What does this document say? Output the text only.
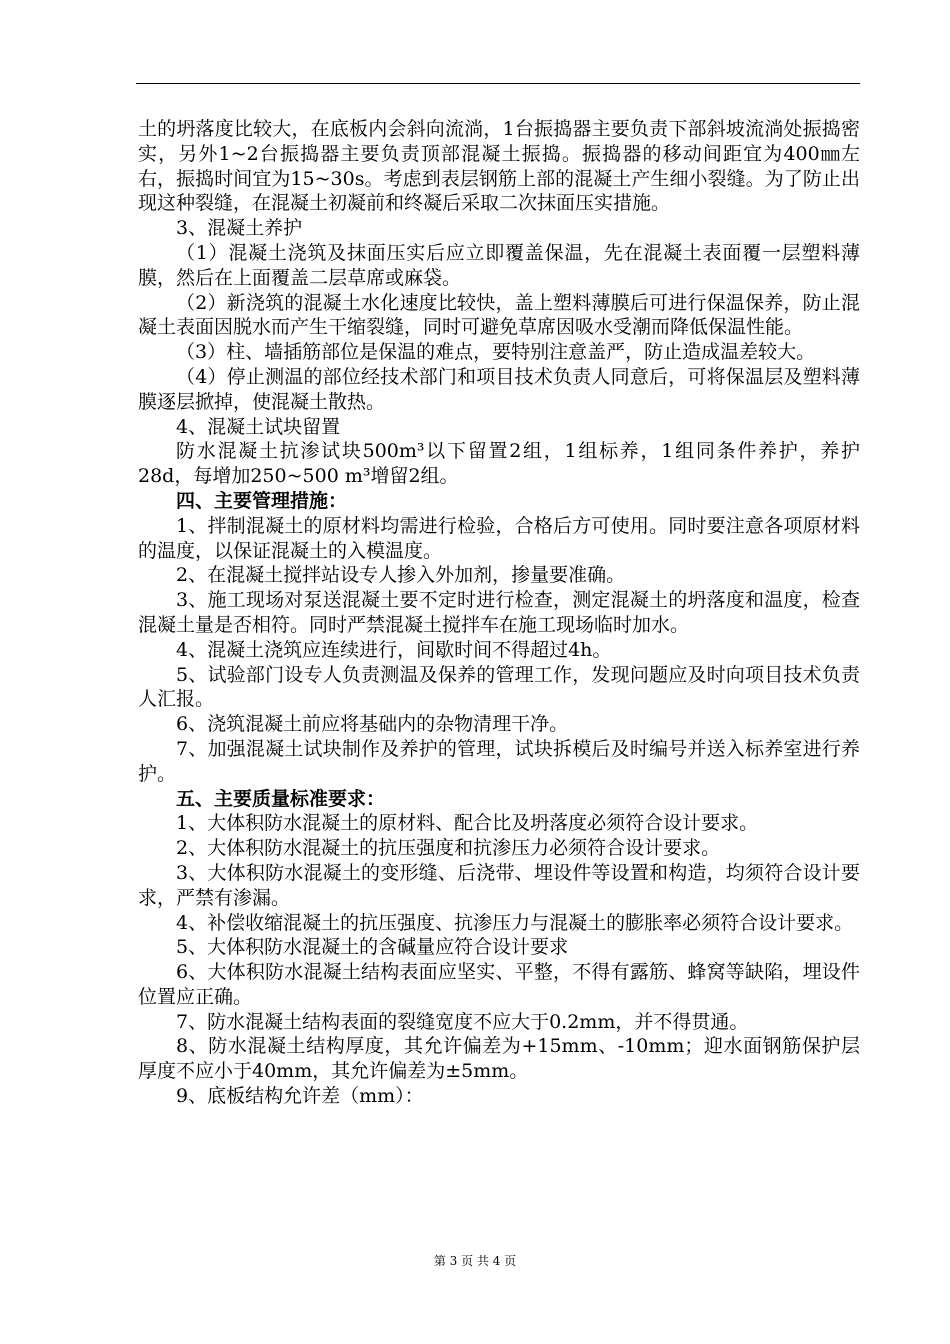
土的坍落度比较大，在底板内会斜向流淌，1台振捣器主要负责下部斜坡流淌处振捣密实，另外1~2台振捣器主要负责顶部混凝土振捣。振捣器的移动间距宜为400㎜左右，振捣时间宜为15~30s。考虑到表层钢筋上部的混凝土产生细小裂缝。为了防止出现这种裂缝，在混凝土初凝前和终凝后采取二次抹面压实措施。

3、混凝土养护

（1）混凝土浇筑及抹面压实后应立即覆盖保温，先在混凝土表面覆一层塑料薄膜，然后在上面覆盖二层草席或麻袋。

（2）新浇筑的混凝土水化速度比较快，盖上塑料薄膜后可进行保温保养，防止混凝土表面因脱水而产生干缩裂缝，同时可避免草席因吸水受潮而降低保温性能。

（3）柱、墙插筋部位是保温的难点，要特别注意盖严，防止造成温差较大。

（4）停止测温的部位经技术部门和项目技术负责人同意后，可将保温层及塑料薄膜逐层掀掉，使混凝土散热。

4、混凝土试块留置

防水混凝土抗渗试块500m³以下留置2组，1组标养，1组同条件养护，养护28d，每增加250~500 m³增留2组。

四、主要管理措施：

1、拌制混凝土的原材料均需进行检验，合格后方可使用。同时要注意各项原材料的温度，以保证混凝土的入模温度。

2、在混凝土搅拌站设专人掺入外加剂，掺量要准确。

3、施工现场对泵送混凝土要不定时进行检查，测定混凝土的坍落度和温度，检查混凝土量是否相符。同时严禁混凝土搅拌车在施工现场临时加水。

4、混凝土浇筑应连续进行，间歇时间不得超过4h。

5、试验部门设专人负责测温及保养的管理工作，发现问题应及时向项目技术负责人汇报。

6、浇筑混凝土前应将基础内的杂物清理干净。

7、加强混凝土试块制作及养护的管理，试块拆模后及时编号并送入标养室进行养护。

五、主要质量标准要求：

1、大体积防水混凝土的原材料、配合比及坍落度必须符合设计要求。

2、大体积防水混凝土的抗压强度和抗渗压力必须符合设计要求。

3、大体积防水混凝土的变形缝、后浇带、埋设件等设置和构造，均须符合设计要求，严禁有渗漏。

4、补偿收缩混凝土的抗压强度、抗渗压力与混凝土的膨胀率必须符合设计要求。

5、大体积防水混凝土的含碱量应符合设计要求

6、大体积防水混凝土结构表面应坚实、平整，不得有露筋、蜂窝等缺陷，埋设件位置应正确。

7、防水混凝土结构表面的裂缝宽度不应大于0.2mm，并不得贯通。

8、防水混凝土结构厚度，其允许偏差为+15mm、-10mm；迎水面钢筋保护层厚度不应小于40mm，其允许偏差为±5mm。

9、底板结构允许差（mm）：

第 3 页 共 4 页
